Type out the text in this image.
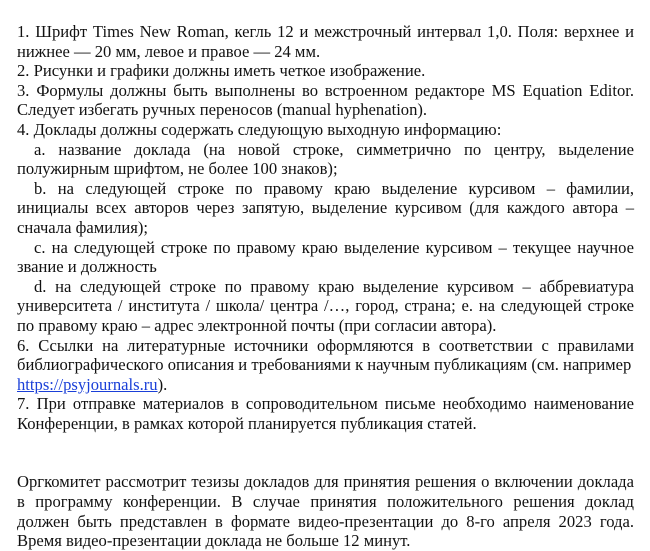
1. Шрифт Times New Roman, кегль 12 и межстрочный интервал 1,0. Поля: верхнее и нижнее — 20 мм, левое и правое — 24 мм.

2. Рисунки и графики должны иметь четкое изображение.

3. Формулы должны быть выполнены во встроенном редакторе MS Equation Editor. Следует избегать ручных переносов (manual hyphenation).

4. Доклады должны содержать следующую выходную информацию:

a. название доклада (на новой строке, симметрично по центру, выделение полужирным шрифтом, не более 100 знаков);

b. на следующей строке по правому краю выделение курсивом – фамилии, инициалы всех авторов через запятую, выделение курсивом (для каждого автора – сначала фамилия);

c. на следующей строке по правому краю выделение курсивом – текущее научное звание и должность

d. на следующей строке по правому краю выделение курсивом – аббревиатура университета / института / школа/ центра /…, город, страна; e. на следующей строке по правому краю – адрес электронной почты (при согласии автора).

6. Ссылки на литературные источники оформляются в соответствии с правилами библиографического описания и требованиями к научным публикациям (см. например
https://psyjournals.ru).

7. При отправке материалов в сопроводительном письме необходимо наименование Конференции, в рамках которой планируется публикация статей.

Оргкомитет рассмотрит тезизы докладов для принятия решения о включении доклада в программу конференции. В случае принятия положительного решения доклад должен быть представлен в формате видео-презентации до 8-го апреля 2023 года. Время видео-презентации доклада не больше 12 минут.
